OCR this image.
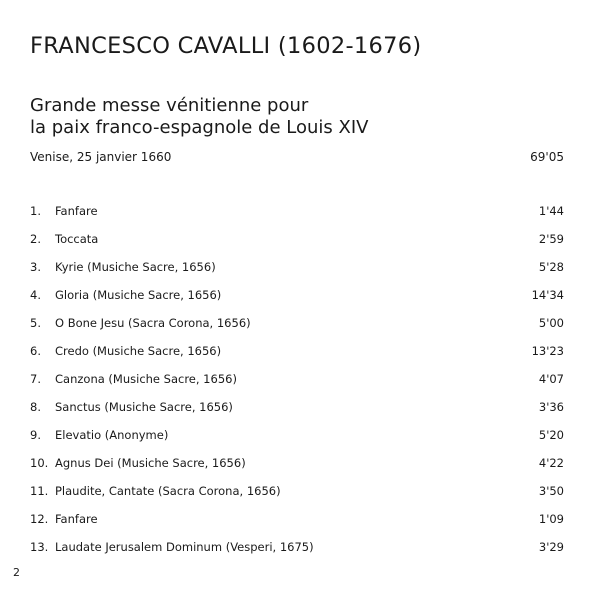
FRANCESCO CAVALLI (1602-1676)
Grande messe vénitienne pour
la paix franco-espagnole de Louis XIV
Venise, 25 janvier 1660	69'05
1. Fanfare	1'44
2. Toccata	2'59
3. Kyrie (Musiche Sacre, 1656)	5'28
4. Gloria (Musiche Sacre, 1656)	14'34
5. O Bone Jesu (Sacra Corona, 1656)	5'00
6. Credo (Musiche Sacre, 1656)	13'23
7. Canzona (Musiche Sacre, 1656)	4'07
8. Sanctus (Musiche Sacre, 1656)	3'36
9. Elevatio (Anonyme)	5'20
10. Agnus Dei (Musiche Sacre, 1656)	4'22
11. Plaudite, Cantate (Sacra Corona, 1656)	3'50
12. Fanfare	1'09
13. Laudate Jerusalem Dominum (Vesperi, 1675)	3'29
2
